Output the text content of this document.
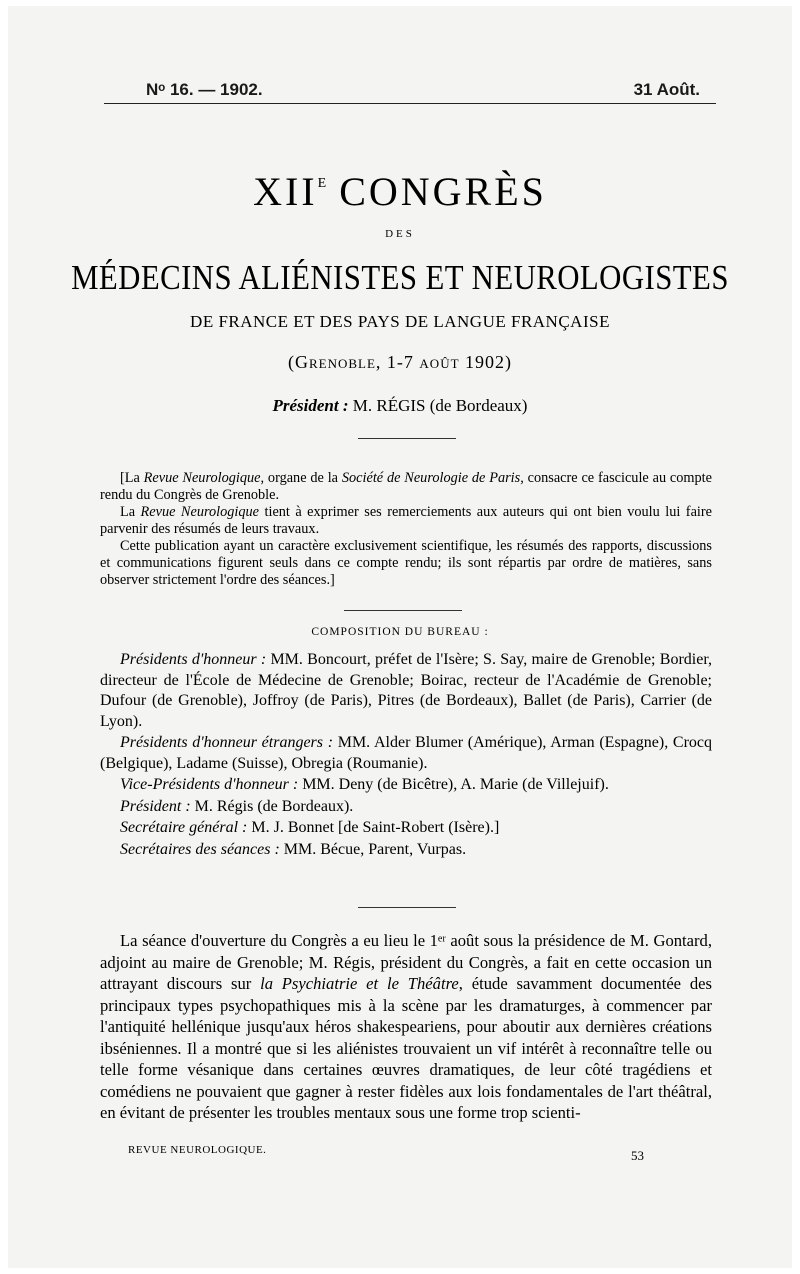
Nᵒ 16. — 1902.	31 Août.
$XII^E$ CONGRÈS
DES
MÉDECINS ALIÉNISTES ET NEUROLOGISTES
DE FRANCE ET DES PAYS DE LANGUE FRANÇAISE
(Grenoble, 1-7 août 1902)
Président : M. RÉGIS (de Bordeaux)

[La Revue Neurologique, organe de la Société de Neurologie de Paris, consacre ce fascicule au compte rendu du Congrès de Grenoble.

La Revue Neurologique tient à exprimer ses remerciements aux auteurs qui ont bien voulu lui faire parvenir des résumés de leurs travaux.

Cette publication ayant un caractère exclusivement scientifique, les résumés des rapports, discussions et communications figurent seuls dans ce compte rendu; ils sont répartis par ordre de matières, sans observer strictement l'ordre des séances.]

COMPOSITION DU BUREAU :

Présidents d'honneur : MM. Boncourt, préfet de l'Isère; S. Say, maire de Grenoble; Bordier, directeur de l'École de Médecine de Grenoble; Boirac, recteur de l'Académie de Grenoble; Dufour (de Grenoble), Joffroy (de Paris), Pitres (de Bordeaux), Ballet (de Paris), Carrier (de Lyon).

Présidents d'honneur étrangers : MM. Alder Blumer (Amérique), Arman (Espagne), Crocq (Belgique), Ladame (Suisse), Obregia (Roumanie).

Vice-Présidents d'honneur : MM. Deny (de Bicêtre), A. Marie (de Villejuif).

Président : M. Régis (de Bordeaux).

Secrétaire général : M. J. Bonnet [de Saint-Robert (Isère).]

Secrétaires des séances : MM. Bécue, Parent, Vurpas.

La séance d'ouverture du Congrès a eu lieu le 1ᵉʳ août sous la présidence de M. Gontard, adjoint au maire de Grenoble; M. Régis, président du Congrès, a fait en cette occasion un attrayant discours sur la Psychiatrie et le Théâtre, étude savamment documentée des principaux types psychopathiques mis à la scène par les dramaturges, à commencer par l'antiquité hellénique jusqu'aux héros shakespeariens, pour aboutir aux dernières créations ibséniennes. Il a montré que si les aliénistes trouvaient un vif intérêt à reconnaître telle ou telle forme vésanique dans certaines œuvres dramatiques, de leur côté tragédiens et comédiens ne pouvaient que gagner à rester fidèles aux lois fondamentales de l'art théâtral, en évitant de présenter les troubles mentaux sous une forme trop scienti-

REVUE NEUROLOGIQUE.	53
